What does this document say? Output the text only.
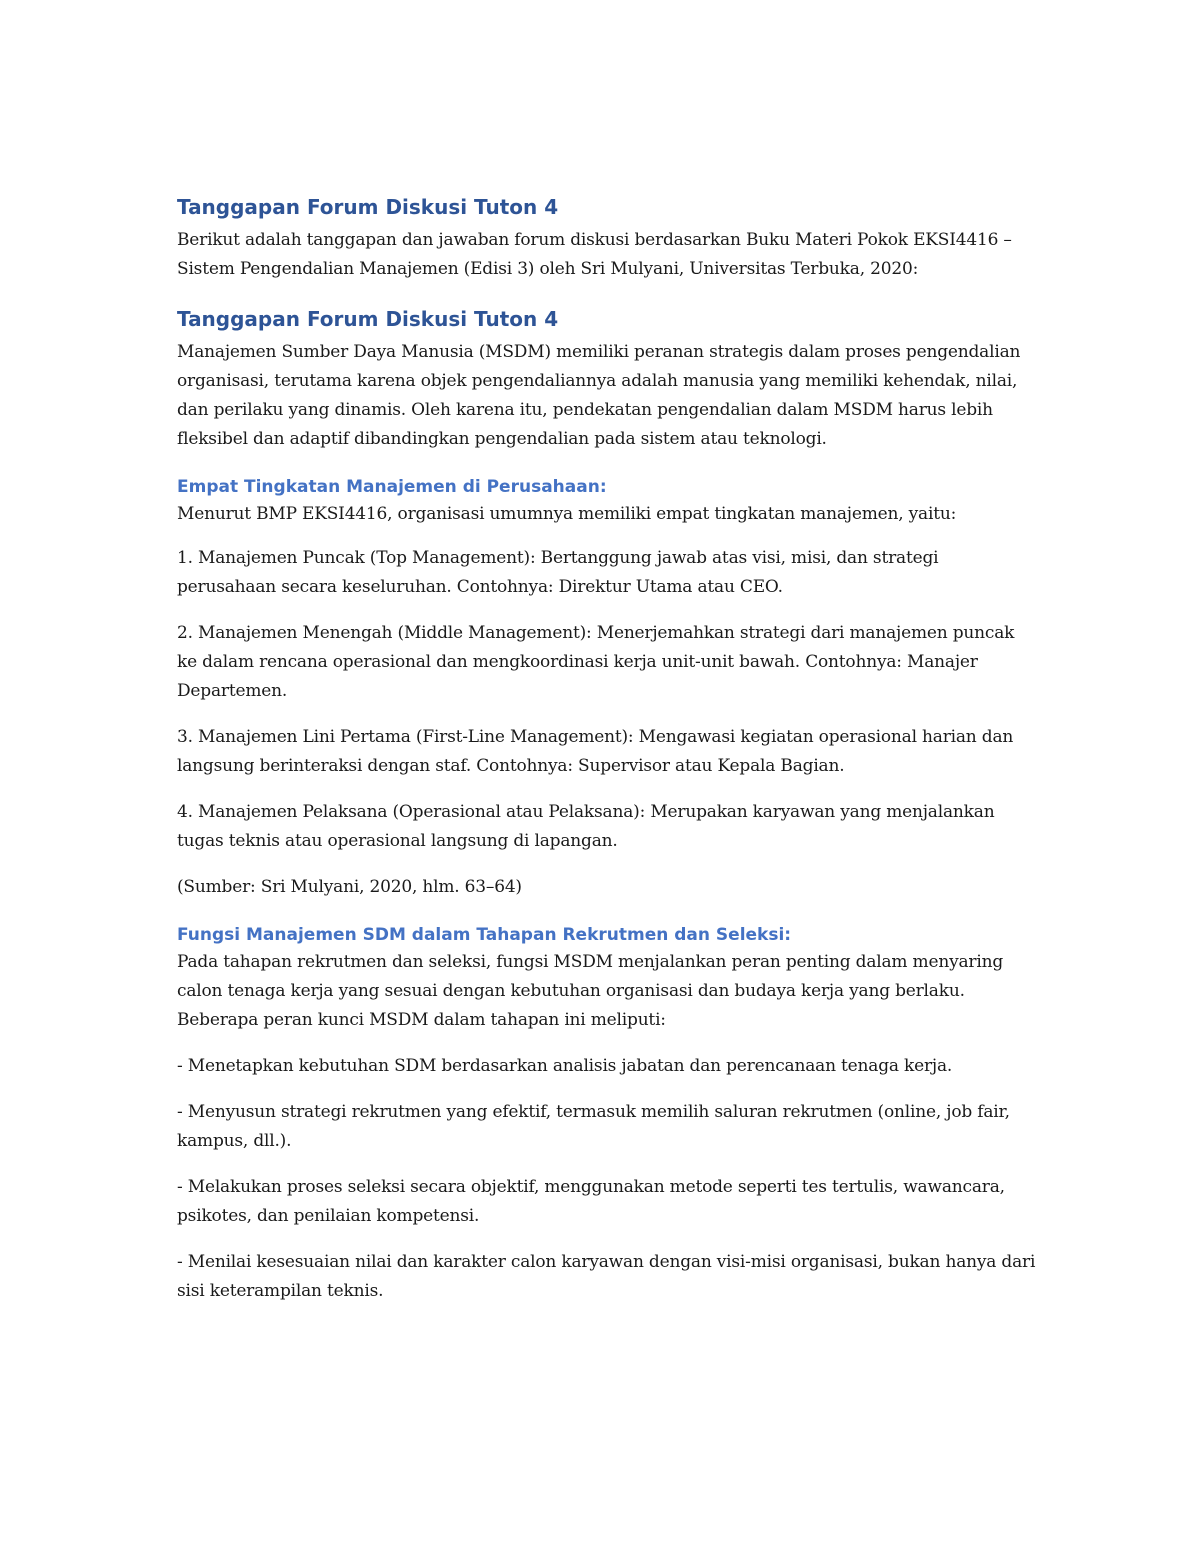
Tanggapan Forum Diskusi Tuton 4

Berikut adalah tanggapan dan jawaban forum diskusi berdasarkan Buku Materi Pokok EKSI4416 – Sistem Pengendalian Manajemen (Edisi 3) oleh Sri Mulyani, Universitas Terbuka, 2020:

Tanggapan Forum Diskusi Tuton 4

Manajemen Sumber Daya Manusia (MSDM) memiliki peranan strategis dalam proses pengendalian organisasi, terutama karena objek pengendaliannya adalah manusia yang memiliki kehendak, nilai, dan perilaku yang dinamis. Oleh karena itu, pendekatan pengendalian dalam MSDM harus lebih fleksibel dan adaptif dibandingkan pengendalian pada sistem atau teknologi.

Empat Tingkatan Manajemen di Perusahaan:

Menurut BMP EKSI4416, organisasi umumnya memiliki empat tingkatan manajemen, yaitu:

1. Manajemen Puncak (Top Management): Bertanggung jawab atas visi, misi, dan strategi perusahaan secara keseluruhan. Contohnya: Direktur Utama atau CEO.

2. Manajemen Menengah (Middle Management): Menerjemahkan strategi dari manajemen puncak ke dalam rencana operasional dan mengkoordinasi kerja unit-unit bawah. Contohnya: Manajer Departemen.

3. Manajemen Lini Pertama (First-Line Management): Mengawasi kegiatan operasional harian dan langsung berinteraksi dengan staf. Contohnya: Supervisor atau Kepala Bagian.

4. Manajemen Pelaksana (Operasional atau Pelaksana): Merupakan karyawan yang menjalankan tugas teknis atau operasional langsung di lapangan.

(Sumber: Sri Mulyani, 2020, hlm. 63–64)

Fungsi Manajemen SDM dalam Tahapan Rekrutmen dan Seleksi:

Pada tahapan rekrutmen dan seleksi, fungsi MSDM menjalankan peran penting dalam menyaring calon tenaga kerja yang sesuai dengan kebutuhan organisasi dan budaya kerja yang berlaku. Beberapa peran kunci MSDM dalam tahapan ini meliputi:

- Menetapkan kebutuhan SDM berdasarkan analisis jabatan dan perencanaan tenaga kerja.

- Menyusun strategi rekrutmen yang efektif, termasuk memilih saluran rekrutmen (online, job fair, kampus, dll.).

- Melakukan proses seleksi secara objektif, menggunakan metode seperti tes tertulis, wawancara, psikotes, dan penilaian kompetensi.

- Menilai kesesuaian nilai dan karakter calon karyawan dengan visi-misi organisasi, bukan hanya dari sisi keterampilan teknis.
